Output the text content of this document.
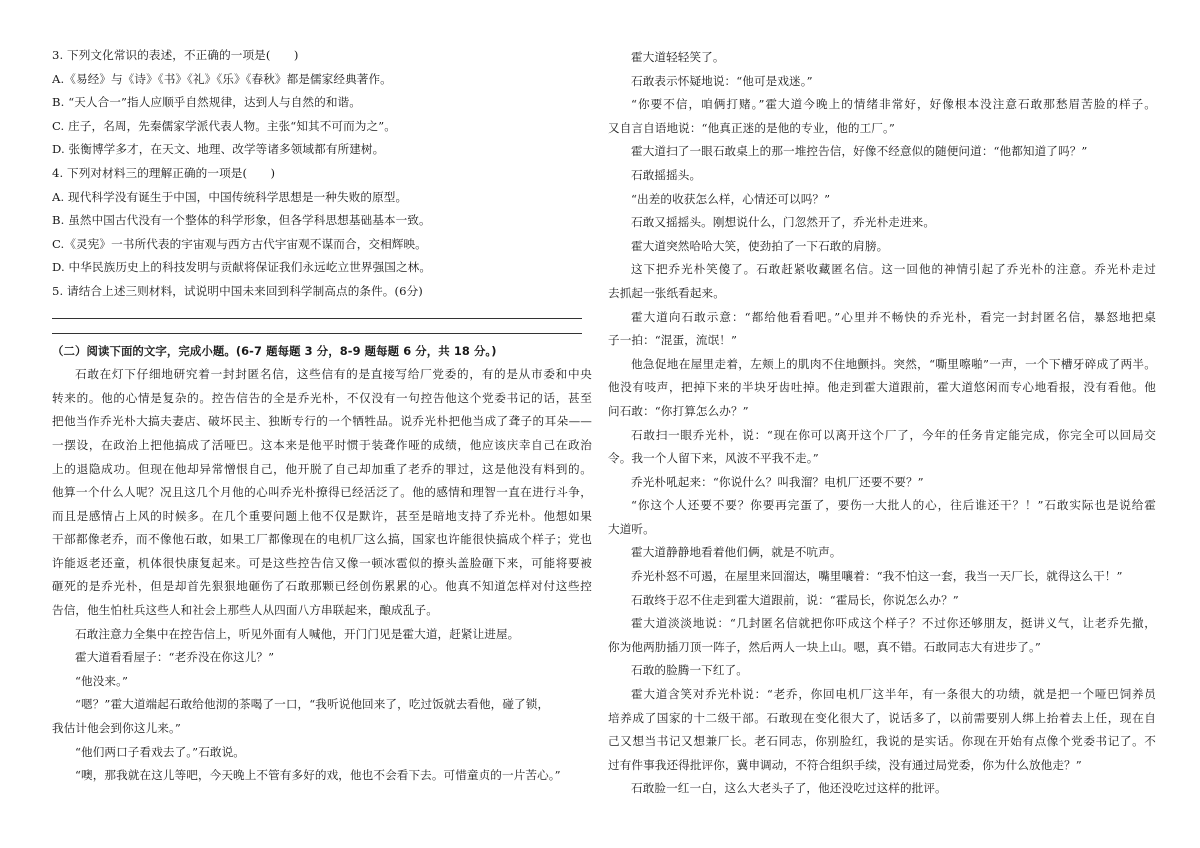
3. 下列文化常识的表述，不正确的一项是(　　)
A.《易经》与《诗》《书》《礼》《乐》《春秋》都是儒家经典著作。
B. “天人合一”指人应顺乎自然规律，达到人与自然的和谐。
C. 庄子，名周，先秦儒家学派代表人物。主张“知其不可而为之”。
D. 张衡博学多才，在天文、地理、改学等诸多领域都有所建树。
4. 下列对材料三的理解正确的一项是(　　)
A. 现代科学没有诞生于中国，中国传统科学思想是一种失败的原型。
B. 虽然中国古代没有一个整体的科学形象，但各学科思想基础基本一致。
C.《灵宪》一书所代表的宇宙观与西方古代宇宙观不谋而合，交相辉映。
D. 中华民族历史上的科技发明与贡献将保证我们永远屹立世界强国之林。
5. 请结合上述三则材料，试说明中国未来回到科学制高点的条件。(6分)
（二）阅读下面的文字，完成小题。(6-7 题每题 3 分，8-9 题每题 6 分，共 18 分。)
石敢在灯下仔细地研究着一封封匿名信，这些信有的是直接写给厂党委的，有的是从市委和中央
转来的。他的心情是复杂的。控告信告的全是乔光朴，不仅没有一句控告他这个党委书记的话，甚至
把他当作乔光朴大搞夫妻店、破坏民主、独断专行的一个牺牲品。说乔光朴把他当成了聋子的耳朵——
一摆设，在政治上把他搞成了活哑巴。这本来是他平时惯于装聋作哑的成绩，他应该庆幸自己在政治
上的退隐成功。但现在他却异常憎恨自己，他开脱了自己却加重了老乔的罪过，这是他没有料到的。
他算一个什么人呢？况且这几个月他的心叫乔光朴撩得已经活泛了。他的感情和理智一直在进行斗争，
而且是感情占上风的时候多。在几个重要问题上他不仅是默许，甚至是暗地支持了乔光朴。他想如果
干部都像老乔，而不像他石敢，如果工厂都像现在的电机厂这么搞，国家也许能很快搞成个样子；党也
许能返老还童，机体很快康复起来。可是这些控告信又像一顿冰雹似的撩头盖脸砸下来，可能将要被
砸死的是乔光朴，但是却首先狠狠地砸伤了石敢那颗已经创伤累累的心。他真不知道怎样对付这些控
告信，他生怕杜兵这些人和社会上那些人从四面八方串联起来，酿成乱子。
石敢注意力全集中在控告信上，听见外面有人喊他，开门门见是霍大道，赶紧让进屋。
霍大道看看屋子：“老乔没在你这儿？”
“他没来。”
“嗯？”霍大道端起石敢给他沏的茶喝了一口，“我听说他回来了，吃过饭就去看他，碰了锁，
我估计他会到你这儿来。”
“他们两口子看戏去了。”石敢说。
“噢，那我就在这儿等吧，今天晚上不管有多好的戏，他也不会看下去。可惜童贞的一片苦心。”
霍大道轻轻笑了。
石敢表示怀疑地说：“他可是戏迷。”
“你要不信，咱俩打赌。”霍大道今晚上的情绪非常好，好像根本没注意石敢那愁眉苦脸的样子。
又自言自语地说：“他真正迷的是他的专业，他的工厂。”
霍大道扫了一眼石敢桌上的那一堆控告信，好像不经意似的随便问道：“他都知道了吗？”
石敢摇摇头。
“出差的收获怎么样，心情还可以吗？”
石敢又摇摇头。刚想说什么，门忽然开了，乔光朴走进来。
霍大道突然哈哈大笑，使劲拍了一下石敢的肩膀。
这下把乔光朴笑傻了。石敢赶紧收藏匿名信。这一回他的神情引起了乔光朴的注意。乔光朴走过
去抓起一张纸看起来。
霍大道向石敢示意：“都给他看看吧。”心里并不畅快的乔光朴，看完一封封匿名信，暴怒地把桌
子一拍：“混蛋，流氓！”
他急促地在屋里走着，左颊上的肌肉不住地颤抖。突然，“嘶里嚓啪”一声，一个下槽牙碎成了两半。
他没有吱声，把掉下来的半块牙齿吐掉。他走到霍大道跟前，霍大道悠闲而专心地看报，没有看他。他
问石敢：“你打算怎么办？”
石敢扫一眼乔光朴，说：“现在你可以离开这个厂了，今年的任务肯定能完成，你完全可以回局交
令。我一个人留下来，风波不平我不走。”
乔光朴吼起来：“你说什么？叫我溜？电机厂还要不要？”
“你这个人还要不要？你要再完蛋了，要伤一大批人的心，往后谁还干？！”石敢实际也是说给霍
大道听。
霍大道静静地看着他们俩，就是不吭声。
乔光朴怒不可遏，在屋里来回溜达，嘴里嚷着：“我不怕这一套，我当一天厂长，就得这么干！”
石敢终于忍不住走到霍大道跟前，说：“霍局长，你说怎么办？”
霍大道淡淡地说：“几封匿名信就把你吓成这个样子？不过你还够朋友，挺讲义气，让老乔先撤，
你为他两肋插刀顶一阵子，然后两人一块上山。嗯，真不错。石敢同志大有进步了。”
石敢的脸腾一下红了。
霍大道含笑对乔光朴说：“老乔，你回电机厂这半年，有一条很大的功绩，就是把一个哑巴饲养员
培养成了国家的十二级干部。石敢现在变化很大了，说话多了，以前需要别人绑上抬着去上任，现在自
己又想当书记又想兼厂长。老石同志，你别脸红，我说的是实话。你现在开始有点像个党委书记了。不
过有件事我还得批评你，冀申调动，不符合组织手续，没有通过局党委，你为什么放他走？”
石敢脸一红一白，这么大老头子了，他还没吃过这样的批评。
